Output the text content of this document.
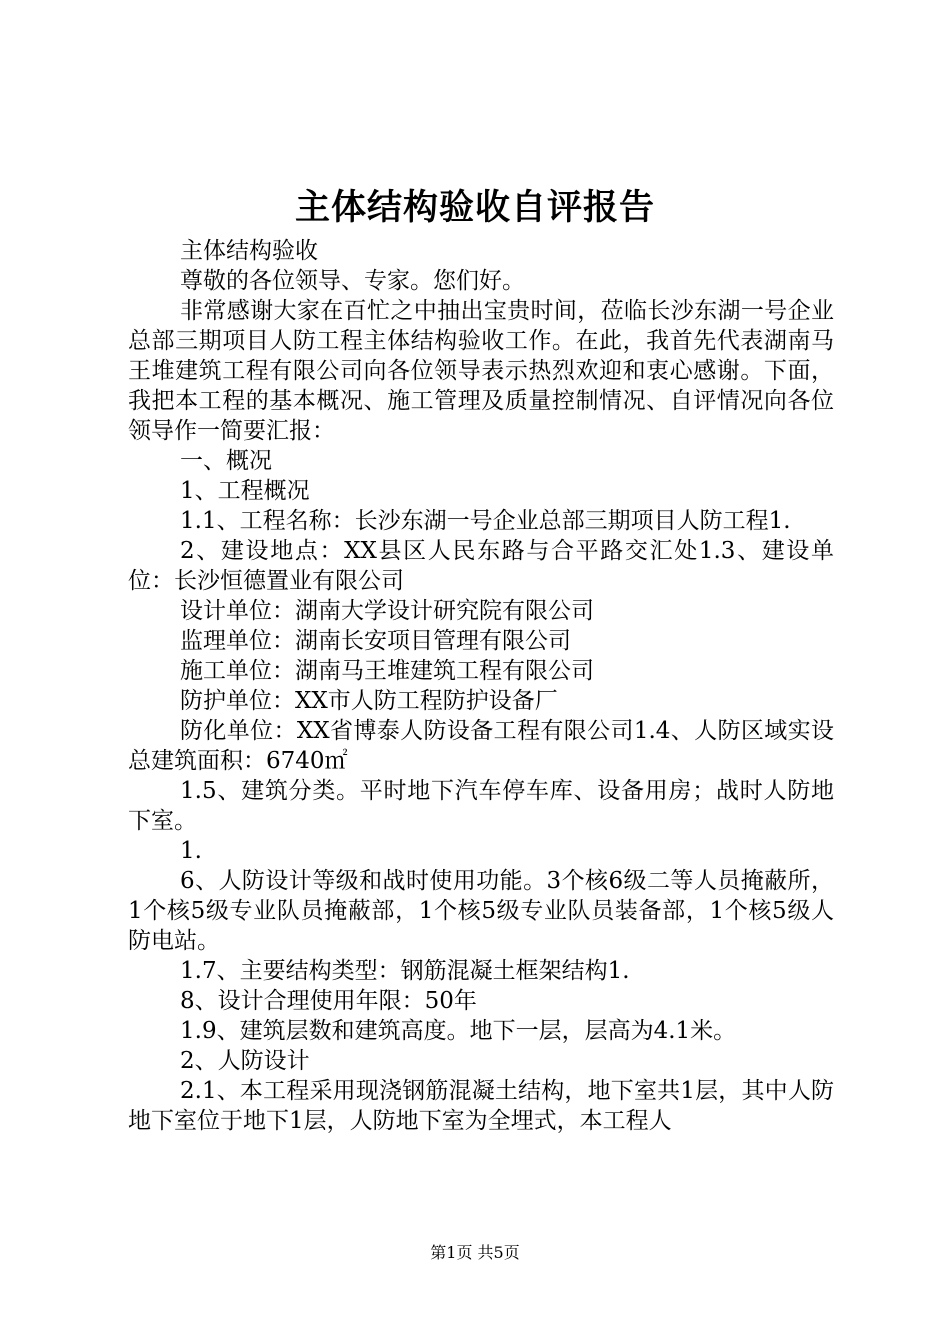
主体结构验收自评报告

主体结构验收

尊敬的各位领导、专家。您们好。

非常感谢大家在百忙之中抽出宝贵时间，莅临长沙东湖一号企业总部三期项目人防工程主体结构验收工作。在此，我首先代表湖南马王堆建筑工程有限公司向各位领导表示热烈欢迎和衷心感谢。下面，我把本工程的基本概况、施工管理及质量控制情况、自评情况向各位领导作一简要汇报：

一、概况

1、工程概况

1.1、工程名称：长沙东湖一号企业总部三期项目人防工程1.

2、建设地点：XX县区人民东路与合平路交汇处1.3、建设单位：长沙恒德置业有限公司

设计单位：湖南大学设计研究院有限公司

监理单位：湖南长安项目管理有限公司

施工单位：湖南马王堆建筑工程有限公司

防护单位：XX市人防工程防护设备厂

防化单位：XX省博泰人防设备工程有限公司1.4、人防区域实设总建筑面积：6740㎡

1.5、建筑分类。平时地下汽车停车库、设备用房；战时人防地下室。

1.

6、人防设计等级和战时使用功能。3个核6级二等人员掩蔽所，1个核5级专业队员掩蔽部，1个核5级专业队员装备部，1个核5级人防电站。

1.7、主要结构类型：钢筋混凝土框架结构1.

8、设计合理使用年限：50年

1.9、建筑层数和建筑高度。地下一层，层高为4.1米。

2、人防设计

2.1、本工程采用现浇钢筋混凝土结构，地下室共1层，其中人防地下室位于地下1层，人防地下室为全埋式，本工程人

第1页 共5页
